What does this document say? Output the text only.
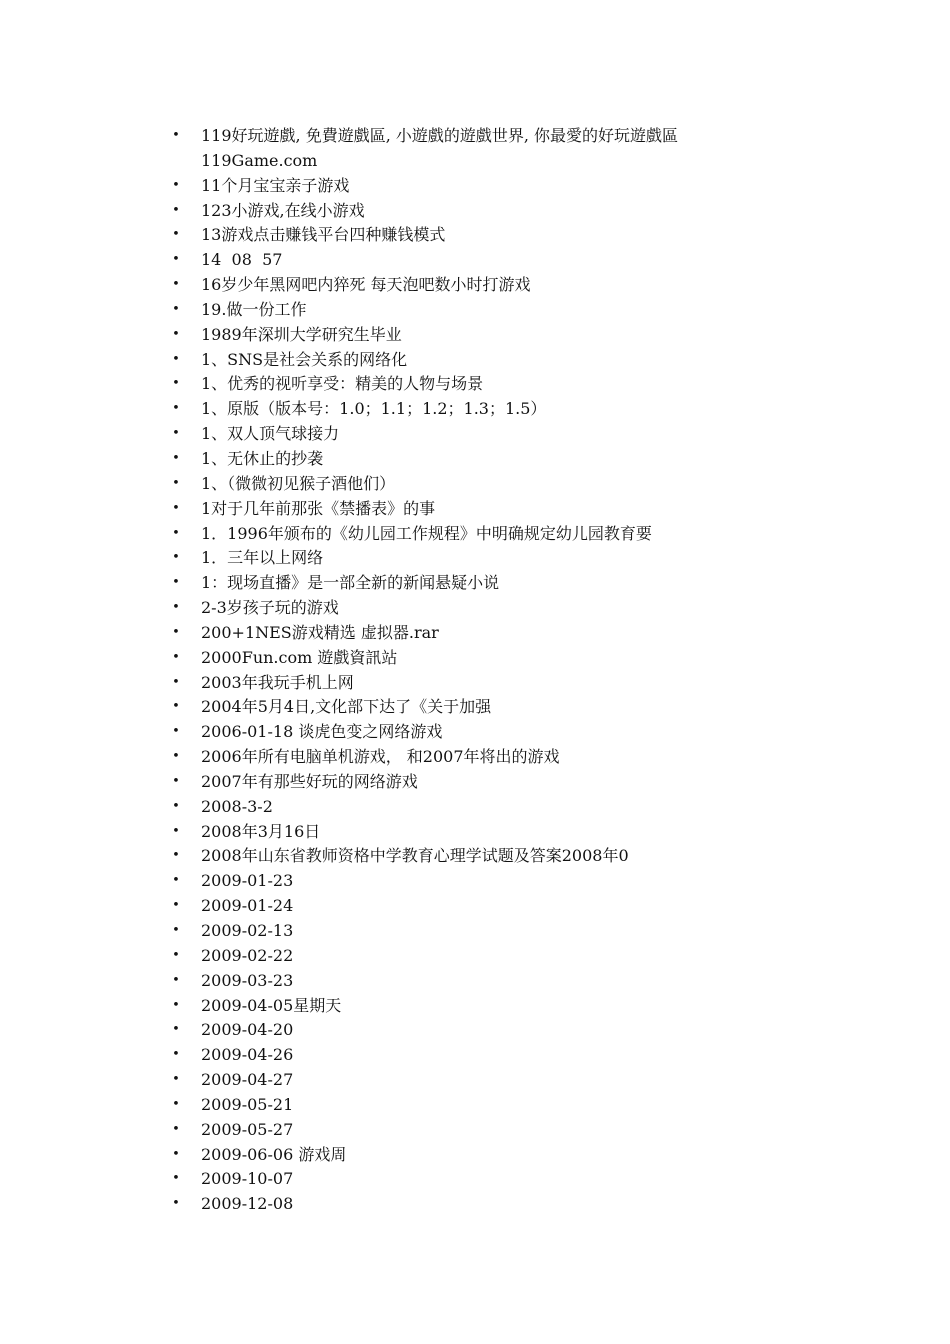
• 119好玩遊戲, 免費遊戲區, 小遊戲的遊戲世界, 你最愛的好玩遊戲區
119Game.com
• 11个月宝宝亲子游戏
• 123小游戏,在线小游戏
• 13游戏点击赚钱平台四种赚钱模式
• 14  08  57
• 16岁少年黑网吧内猝死 每天泡吧数小时打游戏
• 19.做一份工作
• 1989年深圳大学研究生毕业
• 1、SNS是社会关系的网络化
• 1、优秀的视听享受：精美的人物与场景
• 1、原版（版本号：1.0；1.1；1.2；1.3；1.5）
• 1、双人顶气球接力
• 1、无休止的抄袭
• 1、（微微初见猴子酒他们）
• 1对于几年前那张《禁播表》的事
• 1．1996年颁布的《幼儿园工作规程》中明确规定幼儿园教育要
• 1．三年以上网络
• 1：现场直播》是一部全新的新闻悬疑小说
• 2-3岁孩子玩的游戏
• 200+1NES游戏精选 虚拟器.rar
• 2000Fun.com 遊戲資訊站
• 2003年我玩手机上网
• 2004年5月4日,文化部下达了《关于加强
• 2006-01-18 谈虎色变之网络游戏
• 2006年所有电脑单机游戏， 和2007年将出的游戏
• 2007年有那些好玩的网络游戏
• 2008-3-2
• 2008年3月16日
• 2008年山东省教师资格中学教育心理学试题及答案2008年0
• 2009-01-23
• 2009-01-24
• 2009-02-13
• 2009-02-22
• 2009-03-23
• 2009-04-05星期天
• 2009-04-20
• 2009-04-26
• 2009-04-27
• 2009-05-21
• 2009-05-27
• 2009-06-06 游戏周
• 2009-10-07
• 2009-12-08
